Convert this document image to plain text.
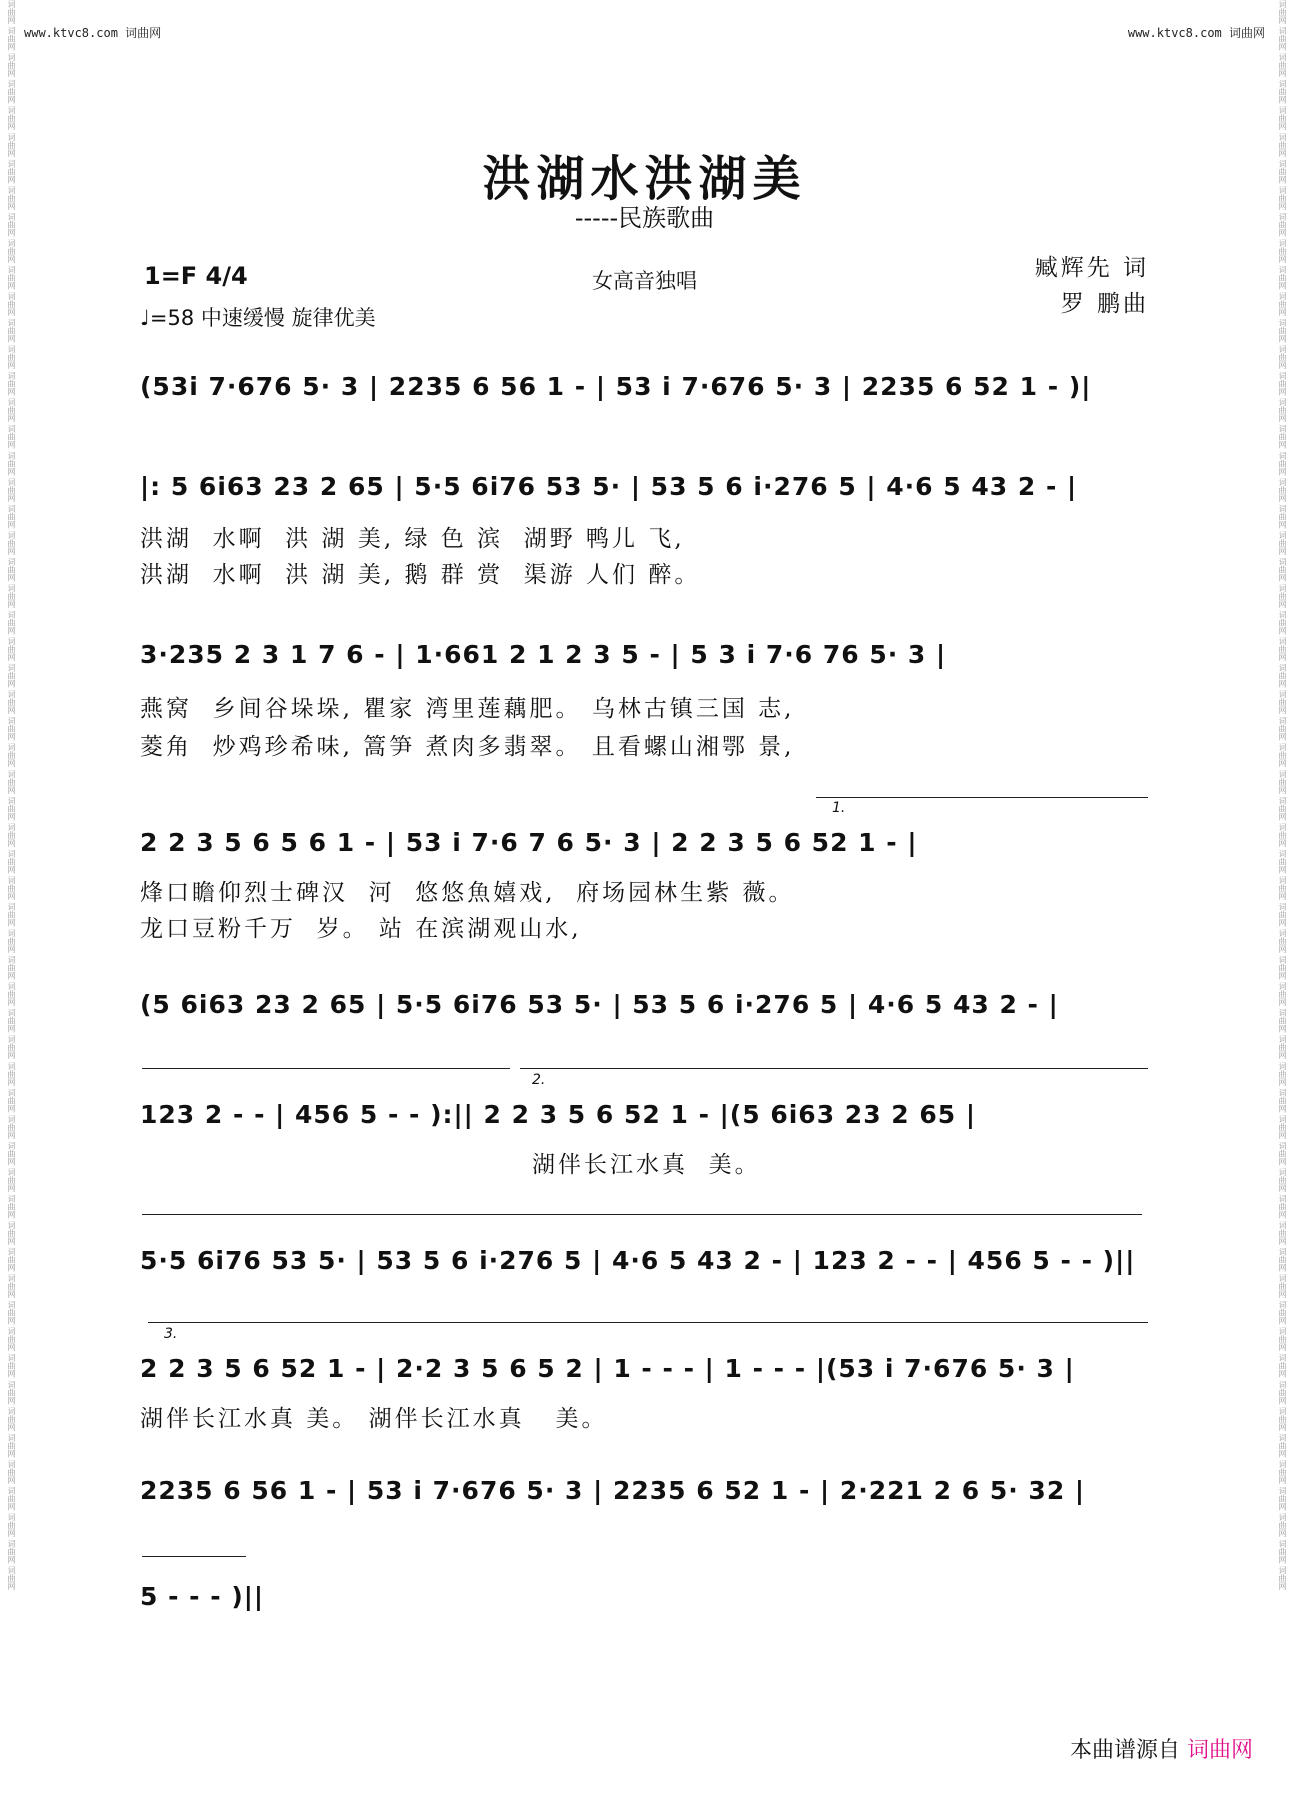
词曲网 词曲网 词曲网 词曲网 词曲网 词曲网 词曲网 词曲网 词曲网 词曲网 词曲网 词曲网 词曲网 词曲网 词曲网 词曲网 词曲网 词曲网 词曲网 词曲网 词曲网 词曲网 词曲网 词曲网 词曲网 词曲网 词曲网 词曲网 词曲网 词曲网 词曲网 词曲网 词曲网 词曲网 词曲网 词曲网 词曲网 词曲网 词曲网 词曲网 词曲网 词曲网 词曲网 词曲网 词曲网 词曲网 词曲网 词曲网 词曲网 词曲网 词曲网 词曲网 词曲网 词曲网 词曲网 词曲网 词曲网 词曲网 词曲网 词曲网	词曲网 词曲网 词曲网 词曲网 词曲网 词曲网 词曲网 词曲网 词曲网 词曲网 词曲网 词曲网 词曲网 词曲网 词曲网 词曲网 词曲网 词曲网 词曲网 词曲网 词曲网 词曲网 词曲网 词曲网 词曲网 词曲网 词曲网 词曲网 词曲网 词曲网 词曲网 词曲网 词曲网 词曲网 词曲网 词曲网 词曲网 词曲网 词曲网 词曲网 词曲网 词曲网 词曲网 词曲网 词曲网 词曲网 词曲网 词曲网 词曲网 词曲网 词曲网 词曲网 词曲网 词曲网 词曲网 词曲网 词曲网 词曲网 词曲网 词曲网
www.ktvc8.com 词曲网	www.ktvc8.com 词曲网
洪湖水洪湖美
-----民族歌曲
女高音独唱
1=F 4/4
♩=58 中速缓慢 旋律优美
臧辉先 词
罗 鹏曲
(53i 7·676 5· 3 | 2235 6 56 1 - | 53 i 7·676 5· 3 | 2235 6 52 1 - )|
|: 5 6i63 23 2 65 | 5·5 6i76 53 5· | 53 5 6 i·276 5 | 4·6 5 43 2 - |
洪湖  水啊  洪 湖 美, 绿 色 滨  湖野 鸭儿 飞,
洪湖  水啊  洪 湖 美, 鹅 群 赏  渠游 人们 醉。
3·235 2 3 1 7 6 - | 1·661 2 1 2 3 5 - | 5 3 i 7·6 76 5· 3 |
燕窝  乡间谷垛垛, 瞿家 湾里莲藕肥。 乌林古镇三国 志,
菱角  炒鸡珍希味, 篙笋 煮肉多翡翠。 且看螺山湘鄂 景,
1.
2 2 3 5 6 5 6 1 - | 53 i 7·6 7 6 5· 3 | 2 2 3 5 6 52 1 - |
烽口瞻仰烈士碑汉  河  悠悠魚嬉戏,  府场园林生紫 薇。
龙口豆粉千万  岁。 站 在滨湖观山水,
(5 6i63 23 2 65 | 5·5 6i76 53 5· | 53 5 6 i·276 5 | 4·6 5 43 2 - |
2.
123 2 - - | 456 5 - - ):|| 2 2 3 5 6 52 1 - |(5 6i63 23 2 65 |
湖伴长江水真  美。
5·5 6i76 53 5· | 53 5 6 i·276 5 | 4·6 5 43 2 - | 123 2 - - | 456 5 - - )||
3.
2 2 3 5 6 52 1 - | 2·2 3 5 6 5 2 | 1 - - - | 1 - - - |(53 i 7·676 5· 3 |
湖伴长江水真 美。 湖伴长江水真   美。
2235 6 56 1 - | 53 i 7·676 5· 3 | 2235 6 52 1 - | 2·221 2 6 5· 32 |
5 - - - )||
本曲谱源自 词曲网
